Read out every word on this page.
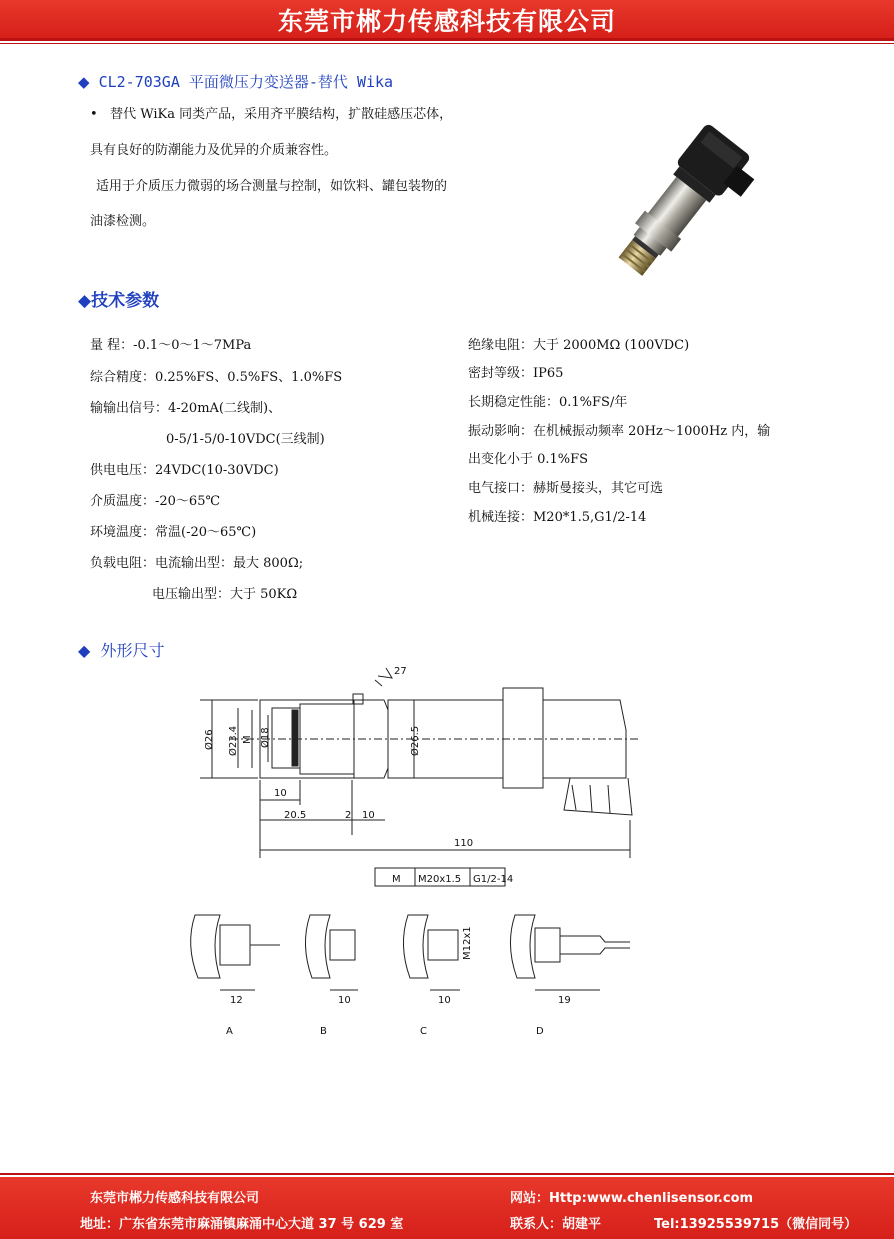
东莞市郴力传感科技有限公司
◆ CL2-703GA 平面微压力变送器-替代 Wika
•   替代 WiKa 同类产品，采用齐平膜结构，扩散硅感压芯体，
具有良好的防潮能力及优异的介质兼容性。
适用于介质压力微弱的场合测量与控制，如饮料、罐包装物的
油漆检测。
◆技术参数
量 程：-0.1～0～1～7MPa
综合精度：0.25%FS、0.5%FS、1.0%FS
输输出信号：4-20mA(二线制)、
0-5/1-5/0-10VDC(三线制)
供电电压：24VDC(10-30VDC)
介质温度：-20～65℃
环境温度：常温(-20～65℃)
负载电阻：电流输出型：最大 800Ω;
电压输出型：大于 50KΩ
绝缘电阻：大于 2000MΩ (100VDC)
密封等级：IP65
长期稳定性能：0.1%FS/年
振动影响：在机械振动频率 20Hz～1000Hz 内，输
出变化小于 0.1%FS
电气接口：赫斯曼接头，其它可选
机械连接：M20*1.5,G1/2-14
◆ 外形尺寸
27
Ø26 Ø23.4 M Ø18	Ø26.5
10
20.5	2 10
110
M M20x1.5 G1/2-14
12	10	10	19
M12x1
A	B	C	D
东莞市郴力传感科技有限公司	网站：Http:www.chenlisensor.com
地址：广东省东莞市麻涌镇麻涌中心大道 37 号 629 室	联系人：胡建平	Tel:13925539715（微信同号）
